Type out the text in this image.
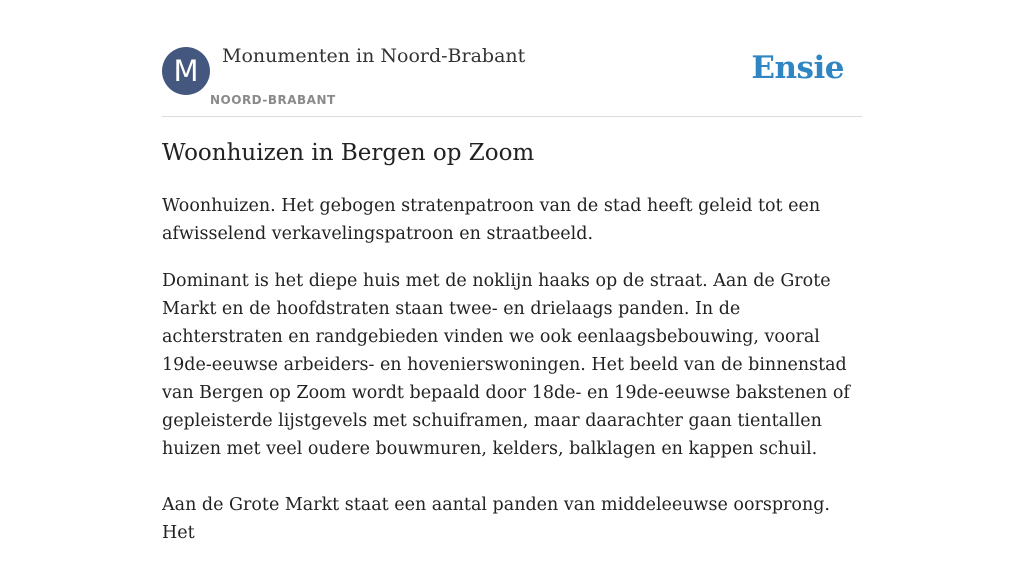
M	Monumenten in Noord-Brabant
NOORD-BRABANT
Ensie
Woonhuizen in Bergen op Zoom

Woonhuizen. Het gebogen stratenpatroon van de stad heeft geleid tot een afwisselend verkavelingspatroon en straatbeeld.

Dominant is het diepe huis met de noklijn haaks op de straat. Aan de Grote Markt en de hoofdstraten staan twee- en drielaags panden. In de achterstraten en randgebieden vinden we ook eenlaagsbebouwing, vooral 19de-eeuwse arbeiders- en hovenierswoningen. Het beeld van de binnenstad van Bergen op Zoom wordt bepaald door 18de- en 19de-eeuwse bakstenen of gepleisterde lijstgevels met schuiframen, maar daarachter gaan tientallen huizen met veel oudere bouwmuren, kelders, balklagen en kappen schuil.

Aan de Grote Markt staat een aantal panden van middeleeuwse oorsprong. Het
